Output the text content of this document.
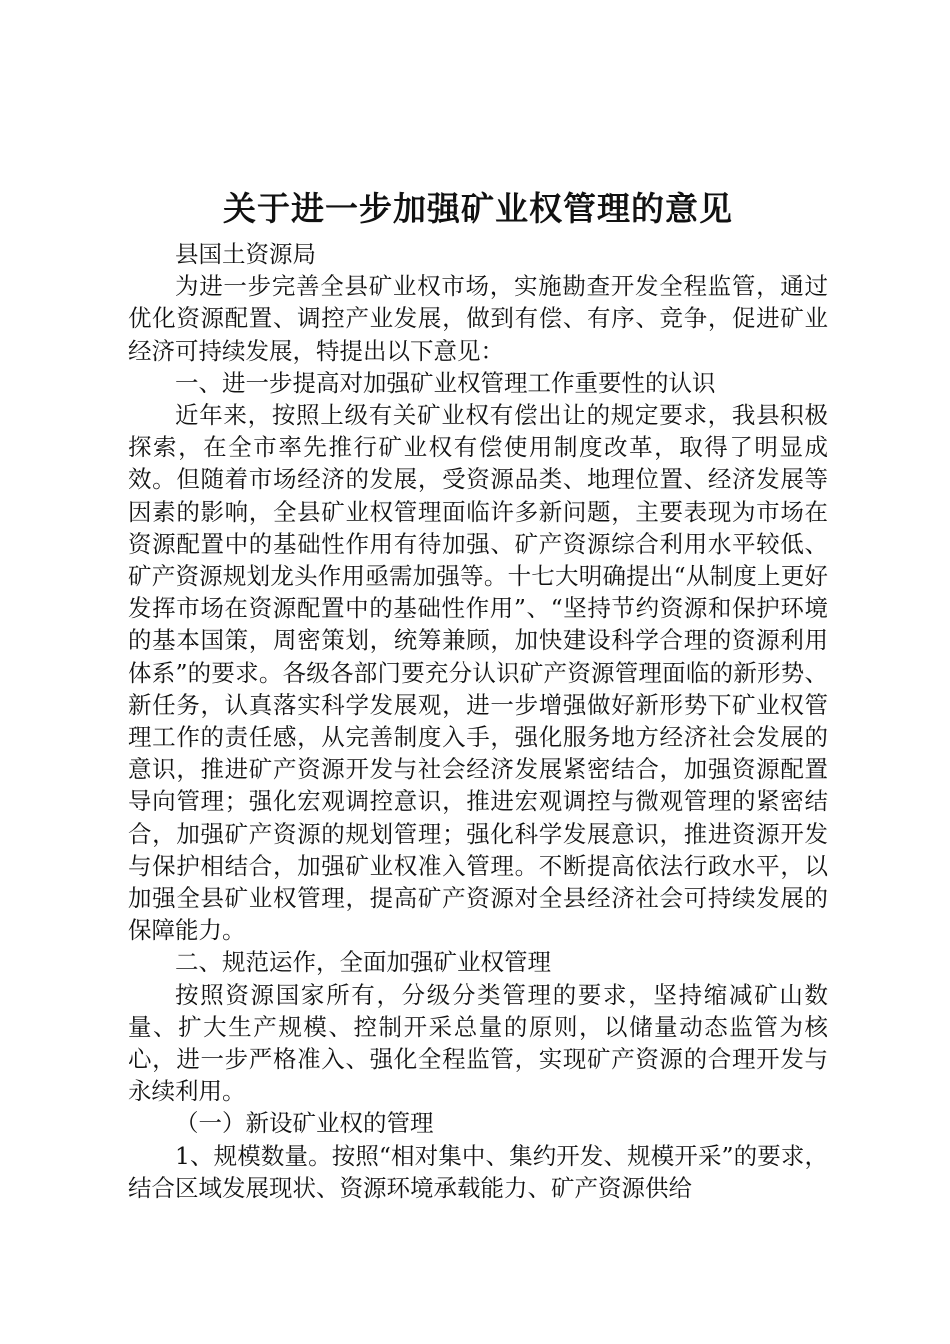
关于进一步加强矿业权管理的意见

县国土资源局

为进一步完善全县矿业权市场，实施勘查开发全程监管，通过优化资源配置、调控产业发展，做到有偿、有序、竞争，促进矿业经济可持续发展，特提出以下意见：

一、进一步提高对加强矿业权管理工作重要性的认识

近年来，按照上级有关矿业权有偿出让的规定要求，我县积极探索，在全市率先推行矿业权有偿使用制度改革，取得了明显成效。但随着市场经济的发展，受资源品类、地理位置、经济发展等因素的影响，全县矿业权管理面临许多新问题，主要表现为市场在资源配置中的基础性作用有待加强、矿产资源综合利用水平较低、矿产资源规划龙头作用亟需加强等。十七大明确提出“从制度上更好发挥市场在资源配置中的基础性作用”、“坚持节约资源和保护环境的基本国策，周密策划，统筹兼顾，加快建设科学合理的资源利用体系”的要求。各级各部门要充分认识矿产资源管理面临的新形势、新任务，认真落实科学发展观，进一步增强做好新形势下矿业权管理工作的责任感，从完善制度入手，强化服务地方经济社会发展的意识，推进矿产资源开发与社会经济发展紧密结合，加强资源配置导向管理；强化宏观调控意识，推进宏观调控与微观管理的紧密结合，加强矿产资源的规划管理；强化科学发展意识，推进资源开发与保护相结合，加强矿业权准入管理。不断提高依法行政水平，以加强全县矿业权管理，提高矿产资源对全县经济社会可持续发展的保障能力。

二、规范运作，全面加强矿业权管理

按照资源国家所有，分级分类管理的要求，坚持缩减矿山数量、扩大生产规模、控制开采总量的原则，以储量动态监管为核心，进一步严格准入、强化全程监管，实现矿产资源的合理开发与永续利用。

（一）新设矿业权的管理

1、规模数量。按照“相对集中、集约开发、规模开采”的要求，结合区域发展现状、资源环境承载能力、矿产资源供给
